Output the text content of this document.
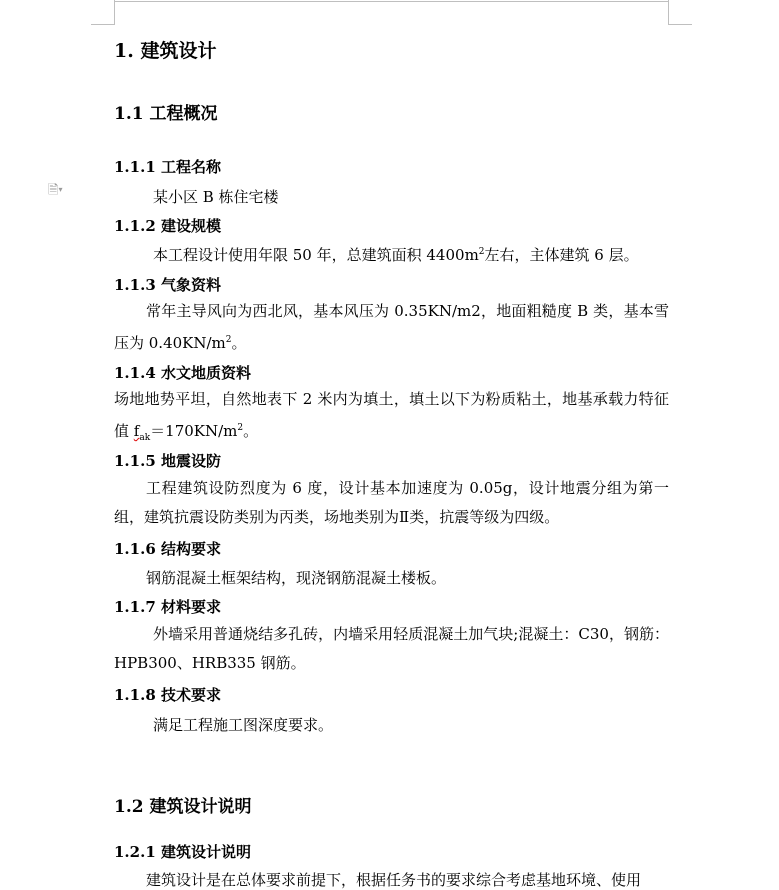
🗎▾
1. 建筑设计
1.1 工程概况
1.1.1 工程名称
某小区 B 栋住宅楼
1.1.2 建设规模
本工程设计使用年限 50 年，总建筑面积 $4400m^2$左右，主体建筑 6 层。
1.1.3 气象资料
常年主导风向为西北风，基本风压为 0.35KN/m2，地面粗糙度 B 类，基本雪压为 $0.40KN/m^2$。
1.1.4 水文地质资料
场地地势平坦，自然地表下 2 米内为填土，填土以下为粉质粘土，地基承载力特征值 $f_{ak}=170KN/m^2$。
1.1.5 地震设防
工程建筑设防烈度为 6 度，设计基本加速度为 0.05g，设计地震分组为第一组，建筑抗震设防类别为丙类，场地类别为Ⅱ类，抗震等级为四级。
1.1.6 结构要求
钢筋混凝土框架结构，现浇钢筋混凝土楼板。
1.1.7 材料要求
外墙采用普通烧结多孔砖，内墙采用轻质混凝土加气块;混凝土：C30，钢筋：HPB300、HRB335 钢筋。
1.1.8 技术要求
满足工程施工图深度要求。
1.2 建筑设计说明
1.2.1 建筑设计说明
建筑设计是在总体要求前提下，根据任务书的要求综合考虑基地环境、使用
